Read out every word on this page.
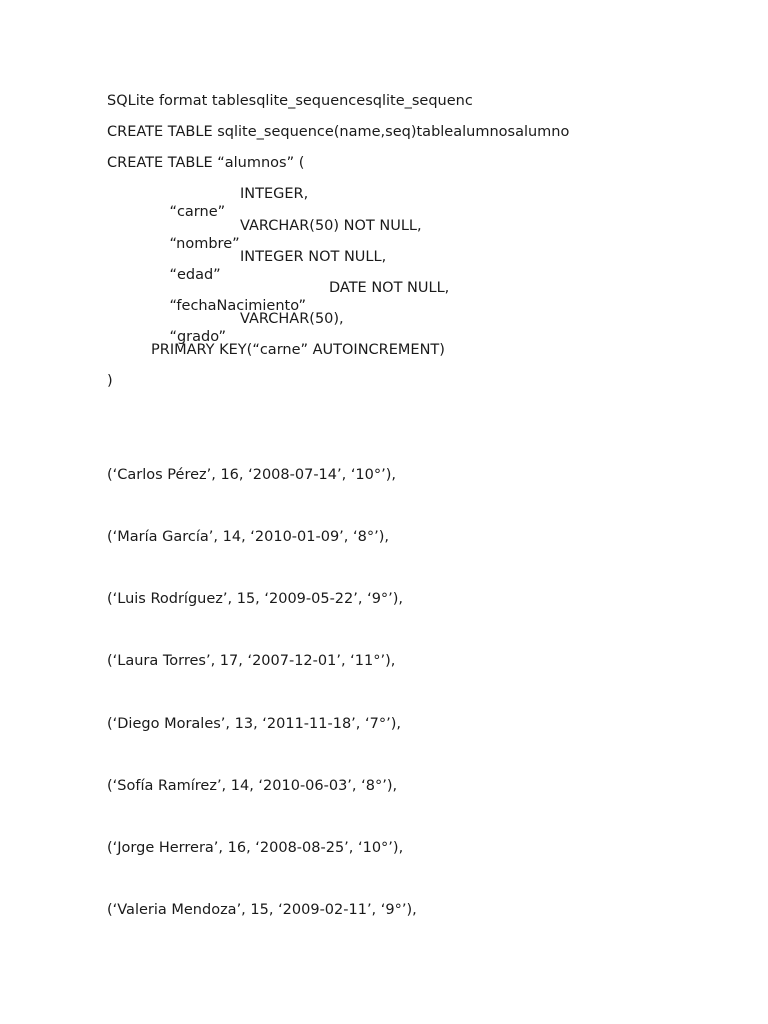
SQLite format tablesqlite_sequencesqlite_sequenc
CREATE TABLE sqlite_sequence(name,seq)tablealumnosalumno
CREATE TABLE “alumnos” (

“carne”

INTEGER,

“nombre”

VARCHAR(50) NOT NULL,

“edad”

INTEGER NOT NULL,

“fechaNacimiento”

DATE NOT NULL,

“grado”

VARCHAR(50),

PRIMARY KEY(“carne” AUTOINCREMENT)
)
(‘Carlos Pérez’, 16, ‘2008-07-14’, ‘10°’),
(‘María García’, 14, ‘2010-01-09’, ‘8°’),
(‘Luis Rodríguez’, 15, ‘2009-05-22’, ‘9°’),
(‘Laura Torres’, 17, ‘2007-12-01’, ‘11°’),
(‘Diego Morales’, 13, ‘2011-11-18’, ‘7°’),
(‘Sofía Ramírez’, 14, ‘2010-06-03’, ‘8°’),
(‘Jorge Herrera’, 16, ‘2008-08-25’, ‘10°’),
(‘Valeria Mendoza’, 15, ‘2009-02-11’, ‘9°’),
